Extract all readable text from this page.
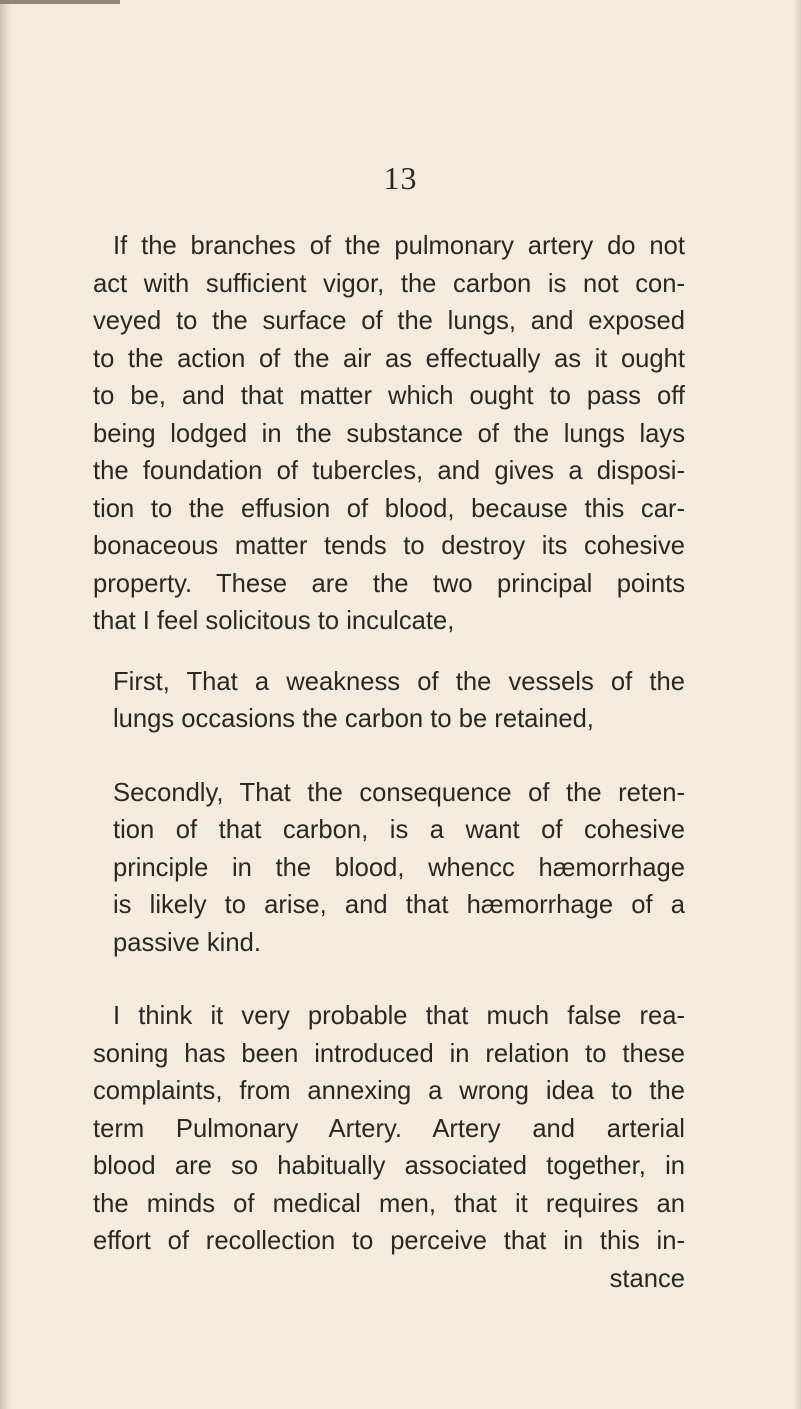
13
If the branches of the pulmonary artery do not
act with sufficient vigor, the carbon is not con-
veyed to the surface of the lungs, and exposed
to the action of the air as effectually as it ought
to be, and that matter which ought to pass off
being lodged in the substance of the lungs lays
the foundation of tubercles, and gives a disposi-
tion to the effusion of blood, because this car-
bonaceous matter tends to destroy its cohesive
property. These are the two principal points
that I feel solicitous to inculcate,
First, That a weakness of the vessels of the
lungs occasions the carbon to be retained,
Secondly, That the consequence of the reten-
tion of that carbon, is a want of cohesive
principle in the blood, whencc hæmorrhage
is likely to arise, and that hæmorrhage of a
passive kind.
I think it very probable that much false rea-
soning has been introduced in relation to these
complaints, from annexing a wrong idea to the
term Pulmonary Artery. Artery and arterial
blood are so habitually associated together, in
the minds of medical men, that it requires an
effort of recollection to perceive that in this in-
stance
